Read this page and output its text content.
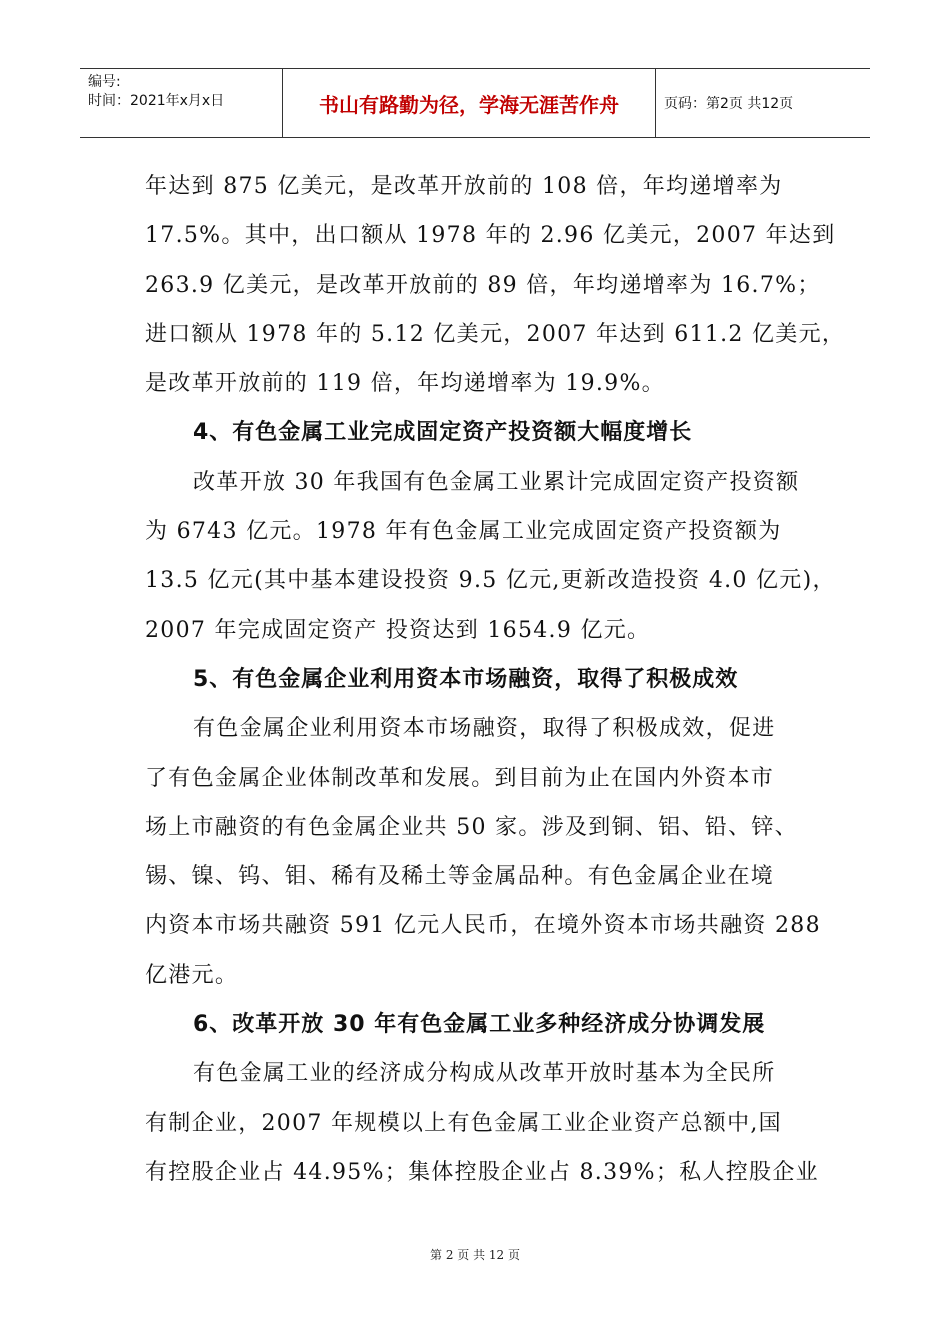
编号:
时间：2021年x月x日	书山有路勤为径，学海无涯苦作舟	页码：第2页 共12页
年达到 875 亿美元，是改革开放前的 108 倍，年均递增率为
17.5%。其中，出口额从 1978 年的 2.96 亿美元，2007 年达到
263.9 亿美元，是改革开放前的 89 倍，年均递增率为 16.7%；
进口额从 1978 年的 5.12 亿美元，2007 年达到 611.2 亿美元，
是改革开放前的 119 倍，年均递增率为 19.9%。
4、有色金属工业完成固定资产投资额大幅度增长
改革开放 30 年我国有色金属工业累计完成固定资产投资额
为 6743 亿元。1978 年有色金属工业完成固定资产投资额为
13.5 亿元(其中基本建设投资 9.5 亿元,更新改造投资 4.0 亿元)，
2007 年完成固定资产 投资达到 1654.9 亿元。
5、有色金属企业利用资本市场融资，取得了积极成效
有色金属企业利用资本市场融资，取得了积极成效，促进
了有色金属企业体制改革和发展。到目前为止在国内外资本市
场上市融资的有色金属企业共 50 家。涉及到铜、铝、铅、锌、
锡、镍、钨、钼、稀有及稀土等金属品种。有色金属企业在境
内资本市场共融资 591 亿元人民币，在境外资本市场共融资 288
亿港元。
6、改革开放 30 年有色金属工业多种经济成分协调发展
有色金属工业的经济成分构成从改革开放时基本为全民所
有制企业，2007 年规模以上有色金属工业企业资产总额中,国
有控股企业占 44.95%；集体控股企业占 8.39%；私人控股企业
第 2 页 共 12 页
